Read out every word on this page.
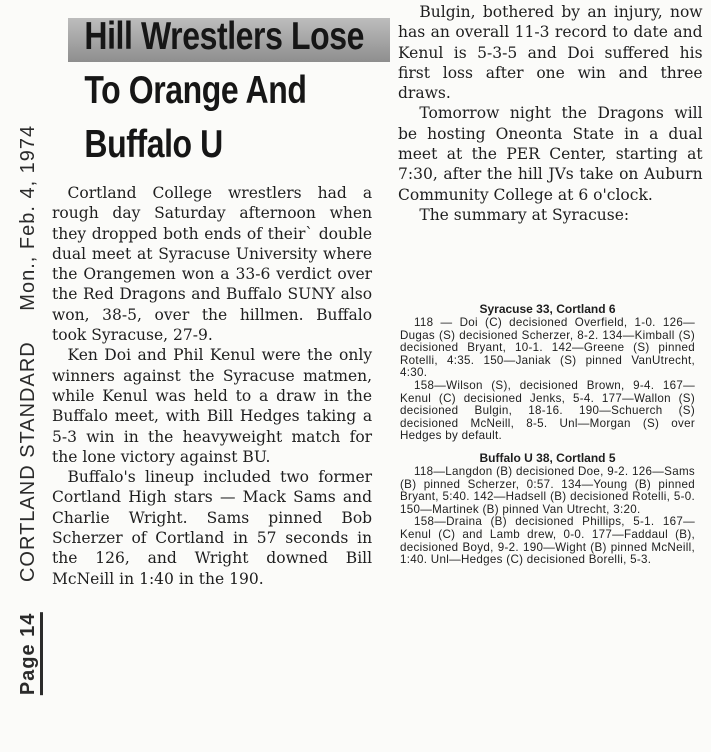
Page 14 CORTLAND STANDARD Mon., Feb. 4, 1974
Hill Wrestlers Lose To Orange And Buffalo U

Cortland College wrestlers had a rough day Saturday afternoon when they dropped both ends of their` double dual meet at Syracuse University where the Orangemen won a 33-6 verdict over the Red Dragons and Buffalo SUNY also won, 38-5, over the hillmen. Buffalo took Syracuse, 27-9.

Ken Doi and Phil Kenul were the only winners against the Syracuse matmen, while Kenul was held to a draw in the Buffalo meet, with Bill Hedges taking a 5-3 win in the heavyweight match for the lone victory against BU.

Buffalo's lineup included two former Cortland High stars — Mack Sams and Charlie Wright. Sams pinned Bob Scherzer of Cortland in 57 seconds in the 126, and Wright downed Bill McNeill in 1:40 in the 190.

Bulgin, bothered by an injury, now has an overall 11-3 record to date and Kenul is 5-3-5 and Doi suffered his first loss after one win and three draws.

Tomorrow night the Dragons will be hosting Oneonta State in a dual meet at the PER Center, starting at 7:30, after the hill JVs take on Auburn Community College at 6 o'clock.

The summary at Syracuse:

Syracuse 33, Cortland 6

118 — Doi (C) decisioned Overfield, 1-0. 126—Dugas (S) decisioned Scherzer, 8-2. 134—Kimball (S) decisioned Bryant, 10-1. 142—Greene (S) pinned Rotelli, 4:35. 150—Janiak (S) pinned VanUtrecht, 4:30.

158—Wilson (S), decisioned Brown, 9-4. 167—Kenul (C) decisioned Jenks, 5-4. 177—Wallon (S) decisioned Bulgin, 18-16. 190—Schuerch (S) decisioned McNeill, 8-5. Unl—Morgan (S) over Hedges by default.

Buffalo U 38, Cortland 5

118—Langdon (B) decisioned Doe, 9-2. 126—Sams (B) pinned Scherzer, 0:57. 134—Young (B) pinned Bryant, 5:40. 142—Hadsell (B) decisioned Rotelli, 5-0. 150—Martinek (B) pinned Van Utrecht, 3:20.

158—Draina (B) decisioned Phillips, 5-1. 167—Kenul (C) and Lamb drew, 0-0. 177—Faddaul (B), decisioned Boyd, 9-2. 190—Wight (B) pinned McNeill, 1:40. Unl—Hedges (C) decisioned Borelli, 5-3.
